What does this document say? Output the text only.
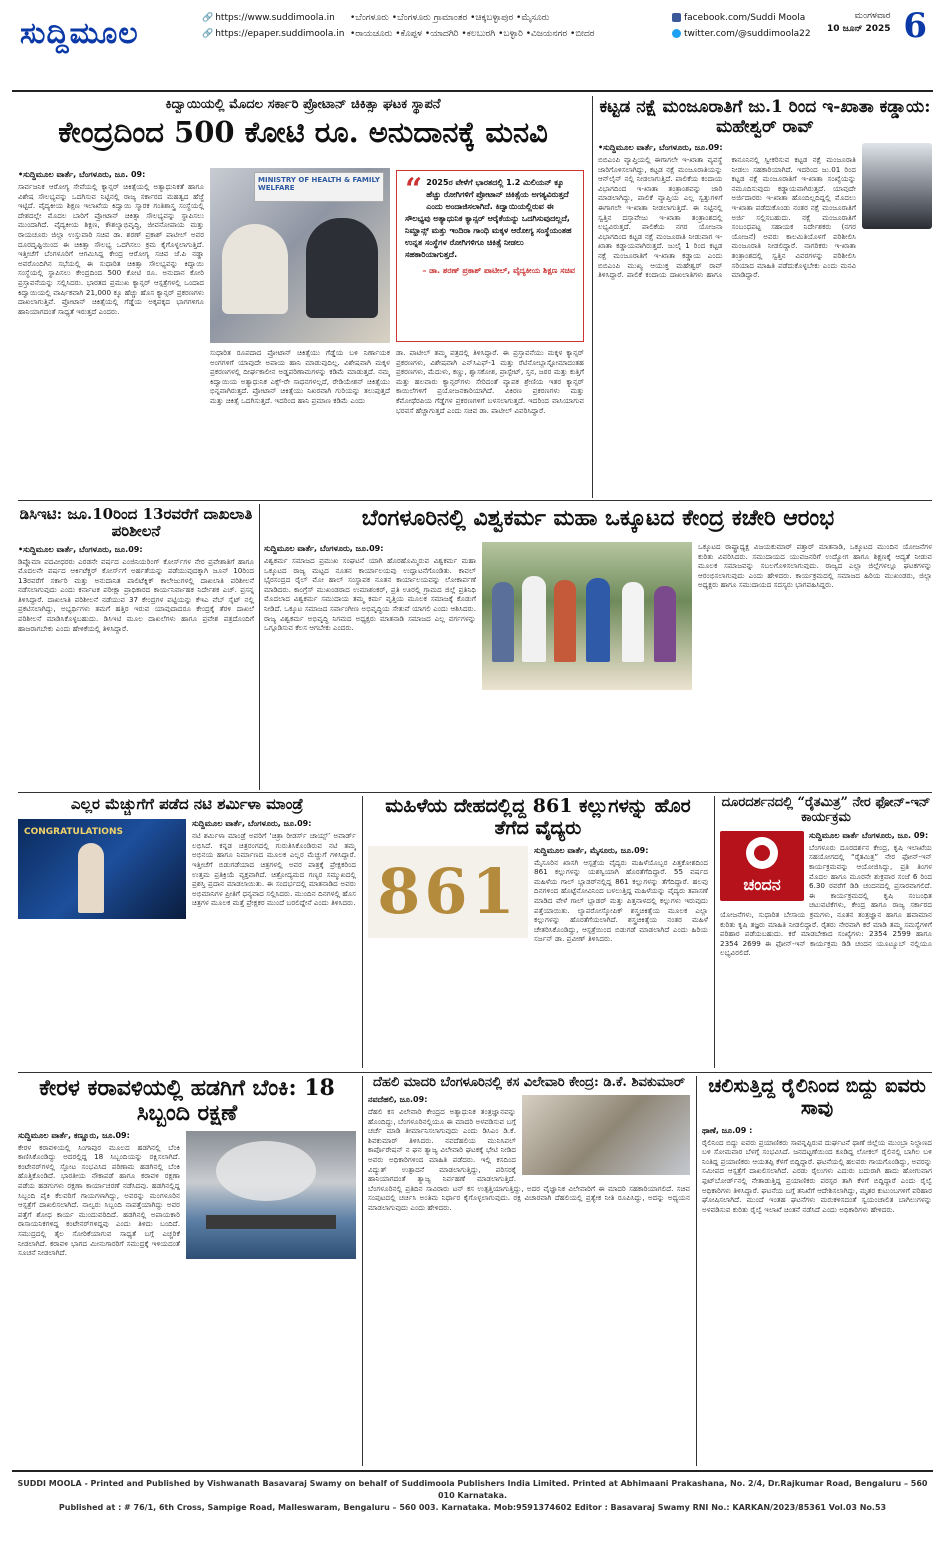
ಸುದ್ದಿಮೂಲ	🔗 https://www.suddimoola.in
🔗 https://epaper.suddimoola.in
•ಬೆಂಗಳೂರು •ಬೆಂಗಳೂರು ಗ್ರಾಮಾಂತರ •ಚಿಕ್ಕಬಳ್ಳಾಪುರ •ಮೈಸೂರು
•ರಾಯಚೂರು •ಕೊಪ್ಪಳ •ಯಾದಗಿರಿ •ಕಲಬುರಗಿ •ಬಳ್ಳಾರಿ •ವಿಜಯನಗರ •ಬೀದರ
facebook.com/Suddi Moola
twitter.com/@suddimoola22
ಮಂಗಳವಾರ
10 ಜೂನ್ 2025 6
ಕಿದ್ವಾಯಿಯಲ್ಲಿ ಮೊದಲ ಸರ್ಕಾರಿ ಪ್ರೋಟಾನ್ ಚಿಕಿತ್ಸಾ ಘಟಕ ಸ್ಥಾಪನೆ
ಕೇಂದ್ರದಿಂದ 500 ಕೋಟಿ ರೂ. ಅನುದಾನಕ್ಕೆ ಮನವಿ
•ಸುದ್ದಿಮೂಲ ವಾರ್ತೆ, ಬೆಂಗಳೂರು, ಜೂ. 09:
ಸಾರ್ವಜನಿಕ ಆರೋಗ್ಯ ಸೇವೆಯಲ್ಲಿ ಕ್ಯಾನ್ಸರ್ ಚಿಕಿತ್ಸೆಯಲ್ಲಿ ಅತ್ಯಾಧುನಿಕತೆ ಹಾಗೂ ವಿಶೇಷ ಸೌಲಭ್ಯವನ್ನು ಒದಗಿಸುವ ನಿಟ್ಟಿನಲ್ಲಿ ರಾಜ್ಯ ಸರ್ಕಾರದ ಮಹತ್ವದ ಹೆಜ್ಜೆ ಇಟ್ಟಿದೆ. ವೈದ್ಯಕೀಯ ಶಿಕ್ಷಣ ಇಲಾಖೆಯ ಕಿದ್ವಾಯಿ ಸ್ಮಾರಕ ಗಂತಿಶಾಸ್ತ್ರ ಸಂಸ್ಥೆಯಲ್ಲಿ ದೇಶದಲ್ಲೇ ಮೊದಲ ಬಾರಿಗೆ ಪ್ರೋಟಾನ್ ಚಿಕಿತ್ಸಾ ಸೌಲಭ್ಯವನ್ನು ಸ್ಥಾಪಿಸಲು ಮುಂದಾಗಿದೆ. ವೈದ್ಯಕೀಯ ಶಿಕ್ಷಣ, ಕೌಶಲ್ಯಾಭಿವೃದ್ಧಿ, ಜೀವನೋಪಾಯ ಮತ್ತು ರಾಯಚೂರು ಜಿಲ್ಲಾ ಉಸ್ತುವಾರಿ ಸಚಿವ ಡಾ. ಶರಣ್ ಪ್ರಕಾಶ್ ಪಾಟೀಲ್ ಅವರ ದೂರದೃಷ್ಟಿಯಿಂದ ಈ ಚಿಕಿತ್ಸಾ ಸೌಲಭ್ಯ ಒದಗಿಸಲು ಕ್ರಮ ಕೈಗೊಳ್ಳಲಾಗುತ್ತಿದೆ. ಇತ್ತೀಚೆಗೆ ಬೆಂಗಳೂರಿಗೆ ಆಗಮಿಸಿದ್ದ ಕೇಂದ್ರ ಆರೋಗ್ಯ ಸಚಿವ ಜೆ.ಪಿ ನಡ್ಡಾ ಅವರೊಂದಿಗಿನ ಸಭೆಯಲ್ಲಿ ಈ ಸುಧಾರಿತ ಚಿಕಿತ್ಸಾ ಸೌಲಭ್ಯವನ್ನು ಕಿದ್ವಾಯಿ ಸಂಸ್ಥೆಯಲ್ಲಿ ಸ್ಥಾಪಿಸಲು ಕೇಂದ್ರದಿಂದ 500 ಕೋಟಿ ರೂ. ಅನುದಾನ ಕೋರಿ ಪ್ರಸ್ತಾವನೆಯನ್ನು ಸಲ್ಲಿಸಿದರು. ಭಾರತದ ಪ್ರಮುಖ ಕ್ಯಾನ್ಸರ್ ಆಸ್ಪತ್ರೆಗಳಲ್ಲಿ ಒಂದಾದ ಕಿದ್ವಾಯಿಯಲ್ಲಿ ವಾರ್ಷಿಕವಾಗಿ 21,000 ಕ್ಕೂ ಹೆಚ್ಚು ಹೊಸ ಕ್ಯಾನ್ಸರ್ ಪ್ರಕರಣಗಳು ದಾಖಲಾಗುತ್ತಿವೆ. ಪ್ರೋಟಾನ್ ಚಿಕಿತ್ಸೆಯಲ್ಲಿ ಗೆಡ್ಡೆಯ ಅಕ್ಕಪಕ್ಕದ ಭಾಗಗಳಿಗೂ ಹಾನಿಯಾಗದಂತೆ ಸಾಧ್ಯತೆ ಇರುತ್ತದೆ ಎಂದರು.
MINISTRY OF HEALTH & FAMILY WELFARE	“ 2025ರ ವೇಳೆಗೆ ಭಾರತದಲ್ಲಿ 1.2 ಮಿಲಿಯನ್ ಕ್ಕೂ ಹೆಚ್ಚು ರೋಗಿಗಳಿಗೆ ಪ್ರೋಟಾನ್ ಚಿಕಿತ್ಸೆಯ ಅಗತ್ಯವಿರುತ್ತದೆ ಎಂದು ಅಂದಾಜಿಸಲಾಗಿದೆ. ಕಿದ್ವಾಯಿಯಲ್ಲಿರುವ ಈ ಸೌಲಭ್ಯವು ಅತ್ಯಾಧುನಿಕ ಕ್ಯಾನ್ಸರ್ ಆರೈಕೆಯನ್ನು ಒದಗಿಸುವುದಲ್ಲದೆ, ನಿಮ್ಹಾನ್ಸ್ ಮತ್ತು ಇಂದಿರಾ ಗಾಂಧಿ ಮಕ್ಕಳ ಆರೋಗ್ಯ ಸಂಸ್ಥೆಯಂತಹ ಉನ್ನತ ಸಂಸ್ಥೆಗಳ ರೋಗಿಗಳಿಗೂ ಚಿಕಿತ್ಸೆ ನೀಡಲು ಸಹಕಾರಿಯಾಗುತ್ತದೆ.
– ಡಾ. ಶರಣ್ ಪ್ರಕಾಶ್ ಪಾಟೀಲ್, ವೈದ್ಯಕೀಯ ಶಿಕ್ಷಣ ಸಚಿವ
ಸುಧಾರಿತ ರೂಪದಾದ ಪ್ರೋಟಾನ್ ಚಿಕಿತ್ಸೆಯು ಗೆಡ್ಡೆಯ ಬಳಿ ನಿರ್ಣಾಯಕ ಅಂಗಗಳಿಗೆ ಯಾವುದೇ ಅಪಾಯ ಹಾನಿ ಮಾಡುವುದಿಲ್ಲ. ವಿಶೇಷವಾಗಿ ಮಕ್ಕಳ ಪ್ರಕರಣಗಳಲ್ಲಿ ದೀರ್ಘಕಾಲೀನ ಅಡ್ಡಪರಿಣಾಮಗಳನ್ನು ಕಡಿಮೆ ಮಾಡುತ್ತದೆ. ನಮ್ಮ ಕಿದ್ವಾಯಿಯ ಅತ್ಯಾಧುನಿಕ ಎಕ್ಸ್-ರೇ ಸಾಧನಗಳಲ್ಲದೆ, ರೇಡಿಯೇಶನ್ ಚಿಕಿತ್ಸೆಯು ಭಿನ್ನವಾಗಿರುತ್ತದೆ. ಪ್ರೋಟಾನ್ ಚಿಕಿತ್ಸೆಯು ನಿಖರವಾಗಿ ಗುರಿಯನ್ನು ತಲುಪುತ್ತದೆ ಮತ್ತು ಚಿಕಿತ್ಸೆ ಒದಗಿಸುತ್ತದೆ. ಇದರಿಂದ ಹಾನಿ ಪ್ರಮಾಣ ಕಡಿಮೆ ಎಂದು
ಡಾ. ಪಾಟೀಲ್ ತಮ್ಮ ಪತ್ರದಲ್ಲಿ ತಿಳಿಸಿದ್ದಾರೆ. ಈ ಪ್ರಸ್ತಾವನೆಯು ಮಕ್ಕಳ ಕ್ಯಾನ್ಸರ್ ಪ್ರಕರಣಗಳು, ವಿಶೇಷವಾಗಿ ಎನ್‌ಸಿಎಫ್-1 ಮತ್ತು ರೆಟಿನೋಬ್ಲಾಸ್ಟೋಮಾದಂತಹ ಪ್ರಕರಣಗಳು, ಮೆದುಳು, ಕಣ್ಣು, ಶ್ವಾಸಕೋಶ, ಪ್ರಾಸ್ಟೇಟ್, ಸ್ತನ, ಜಠರ ಮತ್ತು ಕುತ್ತಿಗೆ ಮತ್ತು ಹಲವಾರು ಕ್ಯಾನ್ಸರ್‌ಗಳು ಸೇರಿದಂತೆ ವ್ಯಾಪಕ ಶ್ರೇಣಿಯ ಇತರ ಕ್ಯಾನ್ಸರ್ ಕಾಯಿಲೆಗಳಿಗೆ ಪ್ರಯೋಜನಕಾರಿಯಾಗಿದೆ. ವಿಕಿರಣ ಪ್ರಕರಣಗಳು ಮತ್ತು ಕೆಮೋಥೆರಪಿಯ ಗೆಡ್ಡೆಗಳ ಪ್ರಕರಣಗಳಿಗೆ ಬಳಸಲಾಗುತ್ತದೆ. ಇದರಿಂದ ವಾಸಿಯಾಗುವ ಭರವಸೆ ಹೆಚ್ಚಾಗುತ್ತದೆ ಎಂದು ಸಚಿವ ಡಾ. ಪಾಟೀಲ್ ವಿವರಿಸಿದ್ದಾರೆ.
ಕಟ್ಟಡ ನಕ್ಷೆ ಮಂಜೂರಾತಿಗೆ ಜು.1 ರಿಂದ ಇ-ಖಾತಾ ಕಡ್ಡಾಯ: ಮಹೇಶ್ವರ್ ರಾವ್
•ಸುದ್ದಿಮೂಲ ವಾರ್ತೆ, ಬೆಂಗಳೂರು, ಜೂ.09:
ಬಿಬಿಎಂಪಿ ವ್ಯಾಪ್ತಿಯಲ್ಲಿ ಈಗಾಗಲೇ ಇ-ಖಾತಾ ವ್ಯವಸ್ಥೆ ಜಾರಿಗೊಳಿಸಲಾಗಿದ್ದು, ಕಟ್ಟಡ ನಕ್ಷೆ ಮಂಜೂರಾತಿಯನ್ನು ಆನ್‌ಲೈನ್ ನಲ್ಲಿ ನೀಡಲಾಗುತ್ತಿದೆ. ಪಾಲಿಕೆಯ ಕಂದಾಯ ವಿಭಾಗದಿಂದ ಇ-ಖಾತಾ ತಂತ್ರಾಂಶವನ್ನು ಜಾರಿ ಮಾಡಲಾಗಿದ್ದು, ಪಾಲಿಕೆ ವ್ಯಾಪ್ತಿಯ ಎಲ್ಲ ಸ್ವತ್ತುಗಳಿಗೆ ಈಗಾಗಲೇ ಇ-ಖಾತಾ ನೀಡಲಾಗುತ್ತಿದೆ. ಈ ನಿಟ್ಟಿನಲ್ಲಿ ಸ್ವತ್ತಿನ ದಸ್ತಾವೇಜು ಇ-ಖಾತಾ ತಂತ್ರಾಂಶದಲ್ಲಿ ಲಭ್ಯವಿರುತ್ತದೆ. ಪಾಲಿಕೆಯ ನಗರ ಯೋಜನಾ ವಿಭಾಗದಿಂದ ಕಟ್ಟಡ ನಕ್ಷೆ ಮಂಜೂರಾತಿ ನೀಡುವಾಗ ಇ-ಖಾತಾ ಕಡ್ಡಾಯವಾಗಿರುತ್ತದೆ. ಜುಲೈ 1 ರಿಂದ ಕಟ್ಟಡ ನಕ್ಷೆ ಮಂಜೂರಾತಿಗೆ ಇ-ಖಾತಾ ಕಡ್ಡಾಯ ಎಂದು ಬಿಬಿಎಂಪಿ ಮುಖ್ಯ ಆಯುಕ್ತ ಮಹೇಶ್ವರ್ ರಾವ್ ತಿಳಿಸಿದ್ದಾರೆ. ಪಾಲಿಕೆ ಕಂದಾಯ ದಾಖಲಾತಿಗಳು ಹಾಗೂ ಕಾನೂನಿನಲ್ಲಿ ಸ್ವೀಕರಿಸುವ ಕಟ್ಟಡ ನಕ್ಷೆ ಮಂಜೂರಾತಿ ನೀಡಲು ಸಹಕಾರಿಯಾಗಿದೆ. ಇದರಿಂದ ಜು.01 ರಿಂದ ಕಟ್ಟಡ ನಕ್ಷೆ ಮಂಜೂರಾತಿಗೆ ಇ-ಖಾತಾ ಸಂಖ್ಯೆಯನ್ನು ನಮೂದಿಸುವುದು ಕಡ್ಡಾಯವಾಗಿರುತ್ತದೆ. ಯಾವುದೇ ಅರ್ಜಿದಾರರು ಇ-ಖಾತಾ ಹೊಂದಿಲ್ಲದಿದ್ದಲ್ಲಿ ಮೊದಲು ಇ-ಖಾತಾ ಪಡೆದುಕೊಂಡು ನಂತರ ನಕ್ಷೆ ಮಂಜೂರಾತಿಗೆ ಅರ್ಜಿ ಸಲ್ಲಿಸಬಹುದು. ನಕ್ಷೆ ಮಂಜೂರಾತಿಗೆ ಸಂಬಂಧಪಟ್ಟ ಸಹಾಯಕ ನಿರ್ದೇಶಕರು (ನಗರ ಯೋಜನೆ) ಅವರು ಕಾಲಮಿತಿಯೊಳಗೆ ಪರಿಶೀಲಿಸಿ ಮಂಜೂರಾತಿ ನೀಡಲಿದ್ದಾರೆ. ನಾಗರಿಕರು ಇ-ಖಾತಾ ತಂತ್ರಾಂಶದಲ್ಲಿ ಸ್ವತ್ತಿನ ವಿವರಗಳನ್ನು ಪರಿಶೀಲಿಸಿ ಸರಿಯಾದ ಮಾಹಿತಿ ಪಡೆದುಕೊಳ್ಳಬೇಕು ಎಂದು ಮನವಿ ಮಾಡಿದ್ದಾರೆ.
ಡಿಸಿಇಟಿ: ಜೂ.10ರಿಂದ 13ರವರೆಗೆ ದಾಖಲಾತಿ ಪರಿಶೀಲನೆ
•ಸುದ್ದಿಮೂಲ ವಾರ್ತೆ, ಬೆಂಗಳೂರು, ಜೂ.09:
ಡಿಪ್ಲೊಮಾ ಪದವೀಧರರು ಎರಡನೇ ವರ್ಷದ ಎಂಜಿನಿಯರಿಂಗ್ ಕೋರ್ಸ್‌ಗಳ ನೇರ ಪ್ರವೇಶಾತಿಗೆ ಹಾಗೂ ಮೊದಲನೇ ವರ್ಷದ ಆರ್ಕಿಟೆಕ್ಚರ್ ಕೋರ್ಸ್‌ಗೆ ಅರ್ಹತೆಯನ್ನು ಪಡೆಯುವುದಕ್ಕಾಗಿ ಜೂನ್ 10ರಿಂದ 13ರವರೆಗೆ ಸರ್ಕಾರಿ ಮತ್ತು ಅನುದಾನಿತ ಪಾಲಿಟೆಕ್ನಿಕ್ ಕಾಲೇಜುಗಳಲ್ಲಿ ದಾಖಲಾತಿ ಪರಿಶೀಲನೆ ನಡೆಸಲಾಗುವುದು ಎಂದು ಕರ್ನಾಟಕ ಪರೀಕ್ಷಾ ಪ್ರಾಧಿಕಾರದ ಕಾರ್ಯನಿರ್ವಾಹಕ ನಿರ್ದೇಶಕ ಎಚ್. ಪ್ರಸನ್ನ ತಿಳಿಸಿದ್ದಾರೆ. ದಾಖಲಾತಿ ಪರಿಶೀಲನೆ ನಡೆಯುವ 37 ಕೇಂದ್ರಗಳ ಪಟ್ಟಿಯನ್ನು ಕೆಇಎ ವೆಬ್ ಸೈಟ್ ನಲ್ಲಿ ಪ್ರಕಟಿಸಲಾಗಿದ್ದು, ಅಭ್ಯರ್ಥಿಗಳು ತಮಗೆ ಹತ್ತಿರ ಇರುವ ಯಾವುದಾದರೂ ಕೇಂದ್ರಕ್ಕೆ ತೆರಳಿ ದಾಖಲೆ ಪರಿಶೀಲನೆ ಮಾಡಿಸಿಕೊಳ್ಳಬಹುದು. ಡಿಸಿಇಟಿ ಮೂಲ ದಾಖಲೆಗಳು ಹಾಗೂ ಪ್ರವೇಶ ಪತ್ರದೊಂದಿಗೆ ಹಾಜರಾಗಬೇಕು ಎಂದು ಹೇಳಿಕೆಯಲ್ಲಿ ತಿಳಿಸಿದ್ದಾರೆ.
ಬೆಂಗಳೂರಿನಲ್ಲಿ ವಿಶ್ವಕರ್ಮ ಮಹಾ ಒಕ್ಕೂಟದ ಕೇಂದ್ರ ಕಚೇರಿ ಆರಂಭ
ಸುದ್ದಿಮೂಲ ವಾರ್ತೆ, ಬೆಂಗಳೂರು, ಜೂ.09:
ವಿಶ್ವಕರ್ಮ ಸಮಾಜದ ಪ್ರಮುಖ ಸಂಘಟನೆ ಯಾಗಿ ಹೊರಹೊಮ್ಮಿರುವ ವಿಶ್ವಕರ್ಮ ಮಹಾ ಒಕ್ಕೂಟದ ರಾಜ್ಯ ಮಟ್ಟದ ನೂತನ ಕಾರ್ಯಾಲಯವು ಉದ್ಘಾಟನೆಗೊಂಡಿತು. ಕಾವಲ್ ಭೈರಸಂದ್ರದ ರೈಲ್ ಮೋ ಹಾಲ್ ಸಂಸ್ಥಾಪಕ ನೂತನ ಕಾರ್ಯಾಲಯವನ್ನು ಲೋಕಾರ್ಪಣೆ ಮಾಡಿದರು. ಕಾಂಗ್ರೆಸ್ ಮುಖಂಡರಾದ ಉಮಾಶಂಕರ್, ಪ್ರತಿ ಊರಲ್ಲಿ ಗ್ರಾಮದ ಜಿಲ್ಲೆ ಪ್ರತಿನಿಧಿ ಮೊದಲಾದ ವಿಶ್ವಕರ್ಮ ಸಮುದಾಯ ತಮ್ಮ ಕರ್ಮ ವೃತ್ತಿಯ ಮೂಲಕ ಸಮಾಜಕ್ಕೆ ಕೊಡುಗೆ ನೀಡಿದೆ. ಒಕ್ಕೂಟ ಸಮಾಜದ ಸರ್ವಾಂಗೀಣ ಅಭಿವೃದ್ಧಿಯ ಸೇತುವೆ ಯಾಗಲಿ ಎಂದು ಆಶಿಸಿದರು. ರಾಜ್ಯ ವಿಶ್ವಕರ್ಮ ಅಭಿವೃದ್ಧಿ ನಿಗಮದ ಅಧ್ಯಕ್ಷರು ಮಾತನಾಡಿ ಸಮಾಜದ ಎಲ್ಲ ವರ್ಗಗಳನ್ನು ಒಗ್ಗೂಡಿಸುವ ಕೆಲಸ ಆಗಬೇಕು ಎಂದರು.
ಒಕ್ಕೂಟದ ರಾಷ್ಟ್ರಾಧ್ಯಕ್ಷ ವಿಜಯಕುಮಾರ್ ಪತ್ತಾರ್ ಮಾತನಾಡಿ, ಒಕ್ಕೂಟದ ಮುಂದಿನ ಯೋಜನೆಗಳ ಕುರಿತು ವಿವರಿಸಿದರು. ಸಮುದಾಯದ ಯುವಜನರಿಗೆ ಉದ್ಯೋಗ ಹಾಗೂ ಶಿಕ್ಷಣಕ್ಕೆ ಆದ್ಯತೆ ನೀಡುವ ಮೂಲಕ ಸಮಾಜವನ್ನು ಸಬಲಗೊಳಿಸಲಾಗುವುದು. ರಾಜ್ಯದ ಎಲ್ಲಾ ಜಿಲ್ಲೆಗಳಲ್ಲೂ ಘಟಕಗಳನ್ನು ಆರಂಭಿಸಲಾಗುವುದು ಎಂದು ಹೇಳಿದರು. ಕಾರ್ಯಕ್ರಮದಲ್ಲಿ ಸಮಾಜದ ಹಿರಿಯ ಮುಖಂಡರು, ಜಿಲ್ಲಾ ಅಧ್ಯಕ್ಷರು ಹಾಗೂ ಸಮುದಾಯದ ಸದಸ್ಯರು ಭಾಗವಹಿಸಿದ್ದರು.
ಎಲ್ಲರ ಮೆಚ್ಚುಗೆಗೆ ಪಡೆದ ನಟಿ ಶರ್ಮಿಳಾ ಮಾಂಡ್ರೆ
CONGRATULATIONS
ಸುದ್ದಿಮೂಲ ವಾರ್ತೆ, ಬೆಂಗಳೂರು, ಜೂ.09:
ನಟಿ ಶರ್ಮಿಳಾ ಮಾಂಡ್ರೆ ಅವರಿಗೆ ‘ಚಿತ್ರಾ ರೀಡರ್ಸ್ ಚಾಯ್ಸ್’ ಅವಾರ್ಡ್ ಲಭಿಸಿದೆ. ಕನ್ನಡ ಚಿತ್ರರಂಗದಲ್ಲಿ ಗುರುತಿಸಿಕೊಂಡಿರುವ ನಟಿ ತಮ್ಮ ಅಭಿನಯ ಹಾಗೂ ನಿರ್ಮಾಣದ ಮೂಲಕ ಎಲ್ಲರ ಮೆಚ್ಚುಗೆ ಗಳಿಸಿದ್ದಾರೆ. ಇತ್ತೀಚೆಗೆ ಬಿಡುಗಡೆಯಾದ ಚಿತ್ರಗಳಲ್ಲಿ ಅವರ ಪಾತ್ರಕ್ಕೆ ಪ್ರೇಕ್ಷಕರಿಂದ ಉತ್ತಮ ಪ್ರತಿಕ್ರಿಯೆ ವ್ಯಕ್ತವಾಗಿದೆ. ಚಿತ್ರೋದ್ಯಮದ ಗಣ್ಯರ ಸಮ್ಮುಖದಲ್ಲಿ ಪ್ರಶಸ್ತಿ ಪ್ರದಾನ ಮಾಡಲಾಯಿತು. ಈ ಸಂದರ್ಭದಲ್ಲಿ ಮಾತನಾಡಿದ ಅವರು ಅಭಿಮಾನಿಗಳ ಪ್ರೀತಿಗೆ ಧನ್ಯವಾದ ಸಲ್ಲಿಸಿದರು. ಮುಂದಿನ ದಿನಗಳಲ್ಲಿ ಹೊಸ ಚಿತ್ರಗಳ ಮೂಲಕ ಮತ್ತೆ ಪ್ರೇಕ್ಷಕರ ಮುಂದೆ ಬರಲಿದ್ದೇನೆ ಎಂದು ತಿಳಿಸಿದರು.
ಮಹಿಳೆಯ ದೇಹದಲ್ಲಿದ್ದ 861 ಕಲ್ಲುಗಳನ್ನು ಹೊರ ತೆಗೆದ ವೈದ್ಯರು
861
ಸುದ್ದಿಮೂಲ ವಾರ್ತೆ, ಮೈಸೂರು, ಜೂ.09:
ಮೈಸೂರಿನ ಖಾಸಗಿ ಆಸ್ಪತ್ರೆಯ ವೈದ್ಯರು ಮಹಿಳೆಯೊಬ್ಬರ ಪಿತ್ತಕೋಶದಿಂದ 861 ಕಲ್ಲುಗಳನ್ನು ಯಶಸ್ವಿಯಾಗಿ ಹೊರತೆಗೆದಿದ್ದಾರೆ. 55 ವರ್ಷದ ಮಹಿಳೆಯ ಗಾಲ್ ಬ್ಲಾಡರ್‌ನಲ್ಲಿದ್ದ 861 ಕಲ್ಲುಗಳನ್ನು ತೆಗೆದಿದ್ದಾರೆ. ಹಲವು ದಿನಗಳಿಂದ ಹೊಟ್ಟೆನೋವಿನಿಂದ ಬಳಲುತ್ತಿದ್ದ ಮಹಿಳೆಯನ್ನು ವೈದ್ಯರು ತಪಾಸಣೆ ಮಾಡಿದ ವೇಳೆ ಗಾಲ್ ಬ್ಲಾಡರ್ ಮತ್ತು ಪಿತ್ತನಾಳದಲ್ಲಿ ಕಲ್ಲುಗಳು ಇರುವುದು ಪತ್ತೆಯಾಯಿತು. ಲ್ಯಾಪರೋಸ್ಕೋಪಿಕ್ ಶಸ್ತ್ರಚಿಕಿತ್ಸೆಯ ಮೂಲಕ ಎಲ್ಲಾ ಕಲ್ಲುಗಳನ್ನು ಹೊರತೆಗೆಯಲಾಗಿದೆ. ಶಸ್ತ್ರಚಿಕಿತ್ಸೆಯ ನಂತರ ಮಹಿಳೆ ಚೇತರಿಸಿಕೊಂಡಿದ್ದು, ಆಸ್ಪತ್ರೆಯಿಂದ ಬಿಡುಗಡೆ ಮಾಡಲಾಗಿದೆ ಎಂದು ಹಿರಿಯ ಸರ್ಜನ್ ಡಾ. ಪ್ರವೀಣ್ ತಿಳಿಸಿದರು.
ದೂರದರ್ಶನದಲ್ಲಿ “ರೈತಮಿತ್ರ” ನೇರ ಫೋನ್-ಇನ್ ಕಾರ್ಯಕ್ರಮ
ಚಂದನ
ಸುದ್ದಿಮೂಲ ವಾರ್ತೆ ಬೆಂಗಳೂರು, ಜೂ. 09:
ಬೆಂಗಳೂರು ದೂರದರ್ಶನ ಕೇಂದ್ರ, ಕೃಷಿ ಇಲಾಖೆಯ ಸಹಯೋಗದಲ್ಲಿ “ರೈತಮಿತ್ರ” ನೇರ ಫೋನ್-ಇನ್ ಕಾರ್ಯಕ್ರಮವನ್ನು ಆಯೋಜಿಸಿದ್ದು, ಪ್ರತಿ ತಿಂಗಳ ಮೊದಲ ಹಾಗೂ ಮೂರನೇ ಶುಕ್ರವಾರ ಸಂಜೆ 6 ರಿಂದ 6.30 ರವರೆಗೆ ಡಿಡಿ ಚಂದನದಲ್ಲಿ ಪ್ರಸಾರವಾಗಲಿದೆ. ಈ ಕಾರ್ಯಕ್ರಮದಲ್ಲಿ ಕೃಷಿ ಸಂಬಂಧಿತ ಚಟುವಟಿಕೆಗಳು, ಕೇಂದ್ರ ಹಾಗೂ ರಾಜ್ಯ ಸರ್ಕಾರದ ಯೋಜನೆಗಳು, ಸುಧಾರಿತ ಬೇಸಾಯ ಕ್ರಮಗಳು, ನೂತನ ತಂತ್ರಜ್ಞಾನ ಹಾಗೂ ಹವಾಮಾನ ಕುರಿತು ಕೃಷಿ ತಜ್ಞರು ಮಾಹಿತಿ ನೀಡಲಿದ್ದಾರೆ. ರೈತರು ನೇರವಾಗಿ ಕರೆ ಮಾಡಿ ತಮ್ಮ ಸಮಸ್ಯೆಗಳಿಗೆ ಪರಿಹಾರ ಪಡೆಯಬಹುದು. ಕರೆ ಮಾಡಬೇಕಾದ ಸಂಖ್ಯೆಗಳು: 2354 2599 ಹಾಗೂ 2354 2699 ಈ ಫೋನ್-ಇನ್ ಕಾರ್ಯಕ್ರಮ ಡಿಡಿ ಚಂದನ ಯೂಟ್ಯೂಬ್ ನಲ್ಲಿಯೂ ಲಭ್ಯವಿರಲಿದೆ.
ಕೇರಳ ಕರಾವಳಿಯಲ್ಲಿ ಹಡಗಿಗೆ ಬೆಂಕಿ: 18 ಸಿಬ್ಬಂದಿ ರಕ್ಷಣೆ
ಸುದ್ದಿಮೂಲ ವಾರ್ತೆ, ಕಣ್ಣೂರು, ಜೂ.09:
ಕೇರಳ ಕರಾವಳಿಯಲ್ಲಿ ಸಿಂಗಾಪುರ ಮೂಲದ ಹಡಗಿನಲ್ಲಿ ಬೆಂಕಿ ಕಾಣಿಸಿಕೊಂಡಿದ್ದು ಅದರಲ್ಲಿದ್ದ 18 ಸಿಬ್ಬಂದಿಯನ್ನು ರಕ್ಷಿಸಲಾಗಿದೆ. ಕಂಟೇನರ್‌ಗಳಲ್ಲಿ ಸ್ಫೋಟ ಸಂಭವಿಸಿದ ಪರಿಣಾಮ ಹಡಗಿನಲ್ಲಿ ಬೆಂಕಿ ಹೊತ್ತಿಕೊಂಡಿದೆ. ಭಾರತೀಯ ನೌಕಾಪಡೆ ಹಾಗೂ ಕರಾವಳಿ ರಕ್ಷಣಾ ಪಡೆಯ ಹಡಗುಗಳು ರಕ್ಷಣಾ ಕಾರ್ಯಾಚರಣೆ ನಡೆಸಿದವು. ಹಡಗಿನಲ್ಲಿದ್ದ ಸಿಬ್ಬಂದಿ ಪೈಕಿ ಕೆಲವರಿಗೆ ಗಾಯಗಳಾಗಿದ್ದು, ಅವರನ್ನು ಮಂಗಳೂರಿನ ಆಸ್ಪತ್ರೆಗೆ ದಾಖಲಿಸಲಾಗಿದೆ. ನಾಲ್ವರು ಸಿಬ್ಬಂದಿ ನಾಪತ್ತೆಯಾಗಿದ್ದು ಅವರ ಪತ್ತೆಗೆ ಶೋಧ ಕಾರ್ಯ ಮುಂದುವರಿದಿದೆ. ಹಡಗಿನಲ್ಲಿ ಅಪಾಯಕಾರಿ ರಾಸಾಯನಿಕಗಳಿದ್ದ ಕಂಟೇನರ್‌ಗಳಿದ್ದವು ಎಂದು ತಿಳಿದು ಬಂದಿದೆ. ಸಮುದ್ರದಲ್ಲಿ ತೈಲ ಸೋರಿಕೆಯಾಗುವ ಸಾಧ್ಯತೆ ಬಗ್ಗೆ ಎಚ್ಚರಿಕೆ ನೀಡಲಾಗಿದೆ. ಕರಾವಳಿ ಭಾಗದ ಮೀನುಗಾರರಿಗೆ ಸಮುದ್ರಕ್ಕೆ ಇಳಿಯದಂತೆ ಸೂಚನೆ ನೀಡಲಾಗಿದೆ.
ದೆಹಲಿ ಮಾದರಿ ಬೆಂಗಳೂರಿನಲ್ಲಿ ಕಸ ವಿಲೇವಾರಿ ಕೇಂದ್ರ: ಡಿ.ಕೆ. ಶಿವಕುಮಾರ್
ನವದೆಹಲಿ, ಜೂ.09:
ದೆಹಲಿ ಕಸ ವಿಲೇವಾರಿ ಕೇಂದ್ರದ ಅತ್ಯಾಧುನಿಕ ತಂತ್ರಜ್ಞಾನವನ್ನು ಹೊಂದಿದ್ದು, ಬೆಂಗಳೂರಿನಲ್ಲಿಯೂ ಈ ಮಾದರಿ ಅಳವಡಿಸುವ ಬಗ್ಗೆ ಚರ್ಚೆ ಮಾಡಿ ತೀರ್ಮಾನಿಸಲಾಗುವುದು ಎಂದು ಡಿಸಿಎಂ ಡಿ.ಕೆ. ಶಿವಕುಮಾರ್ ತಿಳಿಸಿದರು. ನವದೆಹಲಿಯ ಮುನಿಸಿಪಲ್ ಕಾರ್ಪೊರೇಷನ್ ನ ಘನ ತ್ಯಾಜ್ಯ ವಿಲೇವಾರಿ ಘಟಕಕ್ಕೆ ಭೇಟಿ ನೀಡಿದ ಅವರು ಅಧಿಕಾರಿಗಳಿಂದ ಮಾಹಿತಿ ಪಡೆದರು. ಇಲ್ಲಿ ಕಸದಿಂದ ವಿದ್ಯುತ್ ಉತ್ಪಾದನೆ ಮಾಡಲಾಗುತ್ತಿದ್ದು, ಪರಿಸರಕ್ಕೆ ಹಾನಿಯಾಗದಂತೆ ತ್ಯಾಜ್ಯ ನಿರ್ವಹಣೆ ಮಾಡಲಾಗುತ್ತಿದೆ. ಬೆಂಗಳೂರಿನಲ್ಲಿ ಪ್ರತಿದಿನ ಸಾವಿರಾರು ಟನ್ ಕಸ ಉತ್ಪತ್ತಿಯಾಗುತ್ತಿದ್ದು, ಅದರ ವೈಜ್ಞಾನಿಕ ವಿಲೇವಾರಿಗೆ ಈ ಮಾದರಿ ಸಹಕಾರಿಯಾಗಲಿದೆ. ಸಚಿವ ಸಂಪುಟದಲ್ಲಿ ಚರ್ಚಿಸಿ ಅಂತಿಮ ನಿರ್ಧಾರ ಕೈಗೊಳ್ಳಲಾಗುವುದು. ರಕ್ಷ ವಿಚಾರವಾಗಿ ದೆಹಲಿಯಲ್ಲಿ ಪ್ರತ್ಯೇಕ ನೀತಿ ರೂಪಿಸಿದ್ದು, ಅದನ್ನು ಅಧ್ಯಯನ ಮಾಡಲಾಗುವುದು ಎಂದು ಹೇಳಿದರು.
ಚಲಿಸುತ್ತಿದ್ದ ರೈಲಿನಿಂದ ಬಿದ್ದು ಐವರು ಸಾವು
ಥಾಣೆ, ಜೂ.09 :
ರೈಲಿನಿಂದ ಬಿದ್ದು ಐವರು ಪ್ರಯಾಣಿಕರು ಸಾವನ್ನಪ್ಪಿರುವ ದುರ್ಘಟನೆ ಥಾಣೆ ಜಿಲ್ಲೆಯ ಮುಂಬ್ರಾ ನಿಲ್ದಾಣದ ಬಳಿ ಸೋಮವಾರ ಬೆಳಗ್ಗೆ ಸಂಭವಿಸಿದೆ. ಜನದಟ್ಟಣೆಯಿಂದ ಕೂಡಿದ್ದ ಲೋಕಲ್ ರೈಲಿನಲ್ಲಿ ಬಾಗಿಲ ಬಳಿ ನಿಂತಿದ್ದ ಪ್ರಯಾಣಿಕರು ಆಯತಪ್ಪಿ ಕೆಳಗೆ ಬಿದ್ದಿದ್ದಾರೆ. ಘಟನೆಯಲ್ಲಿ ಹಲವರು ಗಾಯಗೊಂಡಿದ್ದು, ಅವರನ್ನು ಸಮೀಪದ ಆಸ್ಪತ್ರೆಗೆ ದಾಖಲಿಸಲಾಗಿದೆ. ಎರಡು ರೈಲುಗಳು ಎದುರು ಬದುರಾಗಿ ಹಾದು ಹೋಗುವಾಗ ಫುಟ್‌ಬೋರ್ಡ್‌ನಲ್ಲಿ ನೇತಾಡುತ್ತಿದ್ದ ಪ್ರಯಾಣಿಕರು ಪರಸ್ಪರ ತಾಗಿ ಕೆಳಗೆ ಬಿದ್ದಿದ್ದಾರೆ ಎಂದು ರೈಲ್ವೆ ಅಧಿಕಾರಿಗಳು ತಿಳಿಸಿದ್ದಾರೆ. ಘಟನೆಯ ಬಗ್ಗೆ ತನಿಖೆಗೆ ಆದೇಶಿಸಲಾಗಿದ್ದು, ಮೃತರ ಕುಟುಂಬಗಳಿಗೆ ಪರಿಹಾರ ಘೋಷಿಸಲಾಗಿದೆ. ಮುಂದೆ ಇಂತಹ ಘಟನೆಗಳು ಮರುಕಳಿಸದಂತೆ ಸ್ವಯಂಚಾಲಿತ ಬಾಗಿಲುಗಳನ್ನು ಅಳವಡಿಸುವ ಕುರಿತು ರೈಲ್ವೆ ಇಲಾಖೆ ಚಿಂತನೆ ನಡೆಸಿದೆ ಎಂದು ಅಧಿಕಾರಿಗಳು ಹೇಳಿದರು.
SUDDI MOOLA - Printed and Published by Vishwanath Basavaraj Swamy on behalf of Suddimoola Publishers India Limited. Printed at Abhimaani Prakashana, No. 2/4, Dr.Rajkumar Road, Bengaluru – 560 010 Karnataka.
Published at : # 76/1, 6th Cross, Sampige Road, Malleswaram, Bengaluru – 560 003. Karnataka. Mob:9591374602 Editor : Basavaraj Swamy RNI No.: KARKAN/2023/85361 Vol.03 No.53
